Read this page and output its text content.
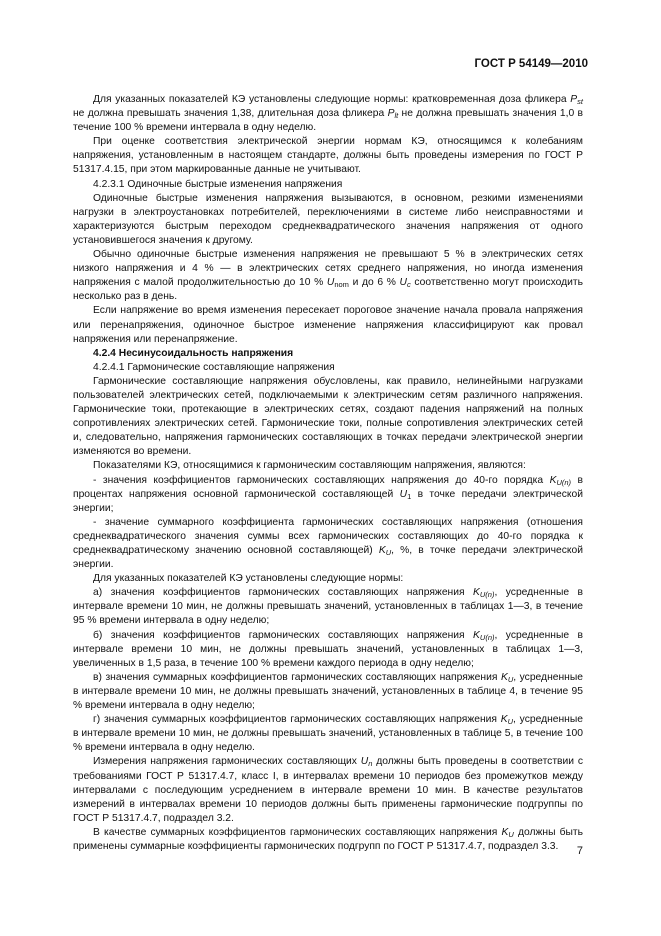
ГОСТ Р 54149—2010

Для указанных показателей КЭ установлены следующие нормы: кратковременная доза фликера $P_{st}$ не должна превышать значения 1,38, длительная доза фликера $P_{lt}$ не должна превышать значения 1,0 в течение 100 % времени интервала в одну неделю.

При оценке соответствия электрической энергии нормам КЭ, относящимся к колебаниям напряжения, установленным в настоящем стандарте, должны быть проведены измерения по ГОСТ Р 51317.4.15, при этом маркированные данные не учитывают.

4.2.3.1 Одиночные быстрые изменения напряжения

Одиночные быстрые изменения напряжения вызываются, в основном, резкими изменениями нагрузки в электроустановках потребителей, переключениями в системе либо неисправностями и характеризуются быстрым переходом среднеквадратического значения напряжения от одного установившегося значения к другому.

Обычно одиночные быстрые изменения напряжения не превышают 5 % в электрических сетях низкого напряжения и 4 % — в электрических сетях среднего напряжения, но иногда изменения напряжения с малой продолжительностью до 10 % $U_{nom}$ и до 6 % $U_c$ соответственно могут происходить несколько раз в день.

Если напряжение во время изменения пересекает пороговое значение начала провала напряжения или перенапряжения, одиночное быстрое изменение напряжения классифицируют как провал напряжения или перенапряжение.

4.2.4 Несинусоидальность напряжения

4.2.4.1 Гармонические составляющие напряжения

Гармонические составляющие напряжения обусловлены, как правило, нелинейными нагрузками пользователей электрических сетей, подключаемыми к электрическим сетям различного напряжения. Гармонические токи, протекающие в электрических сетях, создают падения напряжений на полных сопротивлениях электрических сетей. Гармонические токи, полные сопротивления электрических сетей и, следовательно, напряжения гармонических составляющих в точках передачи электрической энергии изменяются во времени.

Показателями КЭ, относящимися к гармоническим составляющим напряжения, являются:

- значения коэффициентов гармонических составляющих напряжения до 40-го порядка $K_{U(n)}$ в процентах напряжения основной гармонической составляющей $U_1$ в точке передачи электрической энергии;

- значение суммарного коэффициента гармонических составляющих напряжения (отношения среднеквадратического значения суммы всех гармонических составляющих до 40-го порядка к среднеквадратическому значению основной составляющей) $K_U$, %, в точке передачи электрической энергии.

Для указанных показателей КЭ установлены следующие нормы:

а) значения коэффициентов гармонических составляющих напряжения $K_{U(n)}$, усредненные в интервале времени 10 мин, не должны превышать значений, установленных в таблицах 1—3, в течение 95 % времени интервала в одну неделю;

б) значения коэффициентов гармонических составляющих напряжения $K_{U(n)}$, усредненные в интервале времени 10 мин, не должны превышать значений, установленных в таблицах 1—3, увеличенных в 1,5 раза, в течение 100 % времени каждого периода в одну неделю;

в) значения суммарных коэффициентов гармонических составляющих напряжения $K_U$, усредненные в интервале времени 10 мин, не должны превышать значений, установленных в таблице 4, в течение 95 % времени интервала в одну неделю;

г) значения суммарных коэффициентов гармонических составляющих напряжения $K_U$, усредненные в интервале времени 10 мин, не должны превышать значений, установленных в таблице 5, в течение 100 % времени интервала в одну неделю.

Измерения напряжения гармонических составляющих $U_n$ должны быть проведены в соответствии с требованиями ГОСТ Р 51317.4.7, класс I, в интервалах времени 10 периодов без промежутков между интервалами с последующим усреднением в интервале времени 10 мин. В качестве результатов измерений в интервалах времени 10 периодов должны быть применены гармонические подгруппы по ГОСТ Р 51317.4.7, подраздел 3.2.

В качестве суммарных коэффициентов гармонических составляющих напряжения $K_U$ должны быть применены суммарные коэффициенты гармонических подгрупп по ГОСТ Р 51317.4.7, подраздел 3.3.	7
